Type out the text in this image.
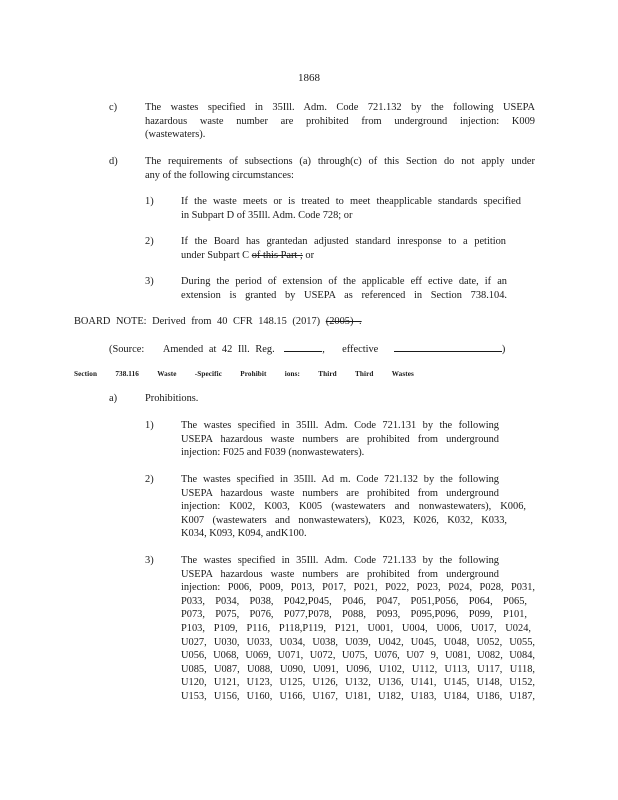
1868
c)	The wastes specified in 35Ill. Adm. Code 721.132 by the following USEPA
hazardous waste number are prohibited from underground injection: K009
(wastewaters).
d)	The requirements of subsections (a) through(c) of this Section do not apply under
any of the following circumstances:
1)	If the waste meets or is treated to meet theapplicable standards specified
in Subpart D of 35Ill. Adm. Code 728; or
2)	If the Board has grantedan adjusted standard inresponse to a petition
under Subpart C of this Part ; or
3)	During the period of extension of the applicable eff ective date, if an
extension is granted by USEPA as referenced in Section 738.104.
BOARD NOTE: Derived from 40 CFR 148.15 (2017) (2005) .
(Source: Amended at 42 Ill. Reg.	, effective	)
Section	738.116	Waste	-Specific	Prohibit	ions:	Third	Third	Wastes
a)	Prohibitions.
1)	The wastes specified in 35Ill. Adm. Code 721.131 by the following
USEPA hazardous waste numbers are prohibited from underground
injection: F025 and F039 (nonwastewaters).
2)	The wastes specified in 35Ill. Ad m. Code 721.132 by the following
USEPA hazardous waste numbers are prohibited from underground
injection: K002, K003, K005 (wastewaters and nonwastewaters), K006,
K007 (wastewaters and nonwastewaters), K023, K026, K032, K033,
K034, K093, K094, andK100.
3)	The wastes specified in 35Ill. Adm. Code 721.133 by the following
USEPA hazardous waste numbers are prohibited from underground
injection: P006, P009, P013, P017, P021, P022, P023, P024, P028, P031,
P033, P034, P038, P042,P045, P046, P047, P051,P056, P064, P065,
P073, P075, P076, P077,P078, P088, P093, P095,P096, P099, P101,
P103, P109, P116, P118,P119, P121, U001, U004, U006, U017, U024,
U027, U030, U033, U034, U038, U039, U042, U045, U048, U052, U055,
U056, U068, U069, U071, U072, U075, U076, U07 9, U081, U082, U084,
U085, U087, U088, U090, U091, U096, U102, U112, U113, U117, U118,
U120, U121, U123, U125, U126, U132, U136, U141, U145, U148, U152,
U153, U156, U160, U166, U167, U181, U182, U183, U184, U186, U187,
